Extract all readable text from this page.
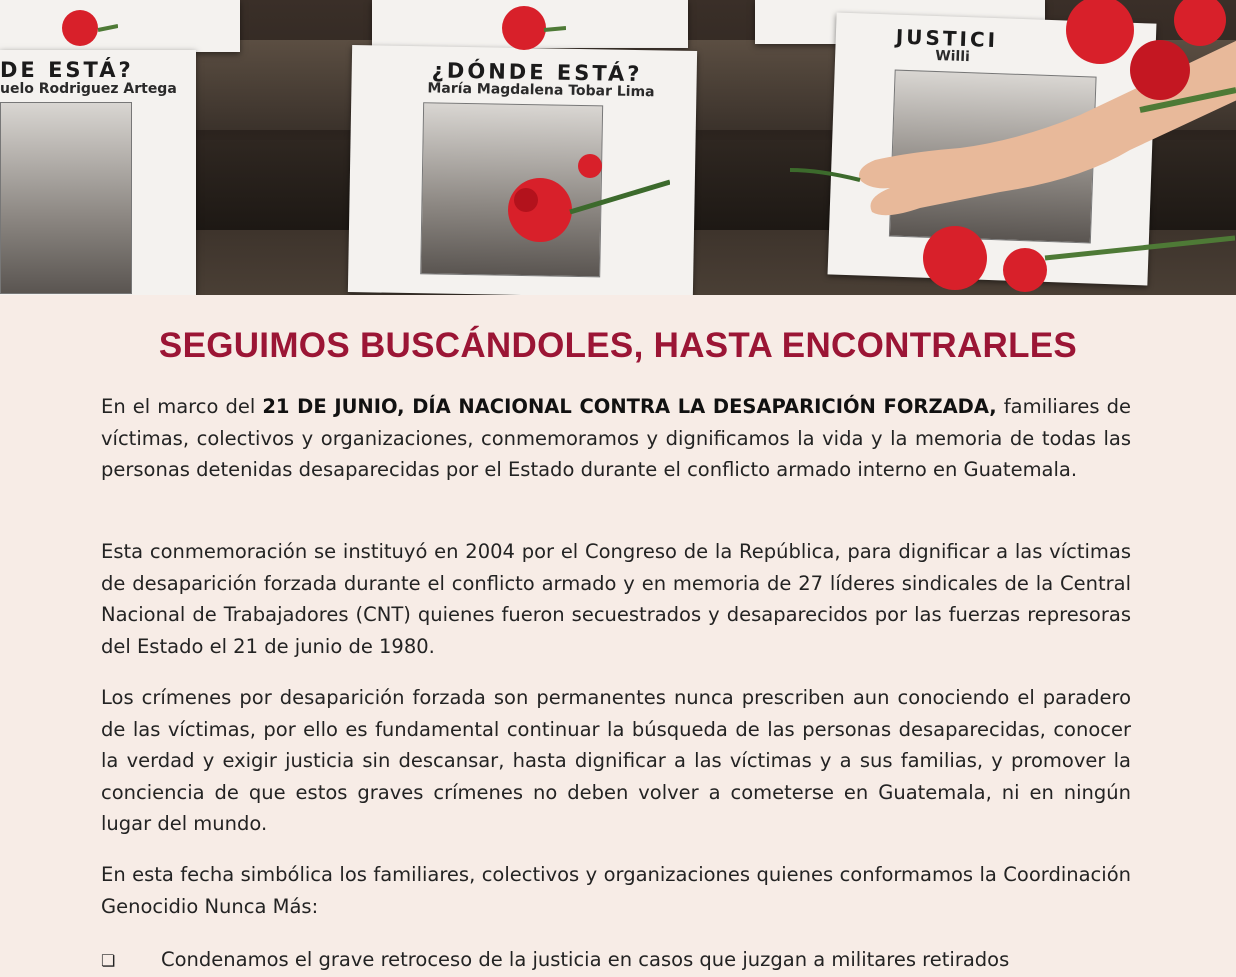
DE ESTÁ?
uelo Rodriguez Artega
¿DÓNDE ESTÁ?
María Magdalena Tobar Lima
JUSTICI
Willi
SEGUIMOS BUSCÁNDOLES, HASTA ENCONTRARLES

En el marco del 21 DE JUNIO, DÍA NACIONAL CONTRA LA DESAPARICIÓN FORZADA, familiares de víctimas, colectivos y organizaciones, conmemoramos y dignificamos la vida y la memoria de todas las personas detenidas desaparecidas por el Estado durante el conflicto armado interno en Guatemala.

Esta conmemoración se instituyó en 2004 por el Congreso de la República, para dignificar a las víctimas de desaparición forzada durante el conflicto armado y en memoria de 27 líderes sindicales de la Central Nacional de Trabajadores (CNT) quienes fueron secuestrados y desaparecidos por las fuerzas represoras del Estado el 21 de junio de 1980.

Los crímenes por desaparición forzada son permanentes nunca prescriben aun conociendo el paradero de las víctimas, por ello es fundamental continuar la búsqueda de las personas desaparecidas, conocer la verdad y exigir justicia sin descansar, hasta dignificar a las víctimas y a sus familias, y promover la conciencia de que estos graves crímenes no deben volver a cometerse en Guatemala, ni en ningún lugar del mundo.

En esta fecha simbólica los familiares, colectivos y organizaciones quienes conformamos la Coordinación Genocidio Nunca Más:

❏ Condenamos el grave retroceso de la justicia en casos que juzgan a militares retirados
